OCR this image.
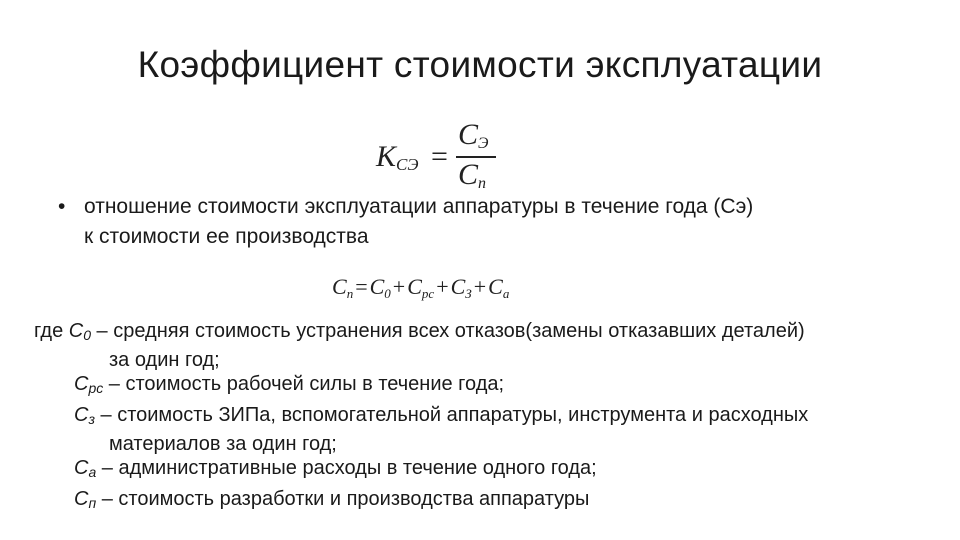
Коэффициент стоимости эксплуатации
$K_{CЭ}$ =
$C_Э$
$C_n$
• отношение стоимости эксплуатации аппаратуры в течение года (Cэ)
к стоимости ее производства
$C_n=C_0+C_{pc}+C_З+C_a$
где $C_0$ – средняя стоимость устранения всех отказов(замены отказавших деталей)
за один год;
$C_{рс}$ – стоимость рабочей силы в течение года;
$C_з$ – стоимость ЗИПа, вспомогательной аппаратуры, инструмента и расходных
материалов за один год;
$C_а$ – административные расходы в течение одного года;
$C_п$ – стоимость разработки и производства аппаратуры
